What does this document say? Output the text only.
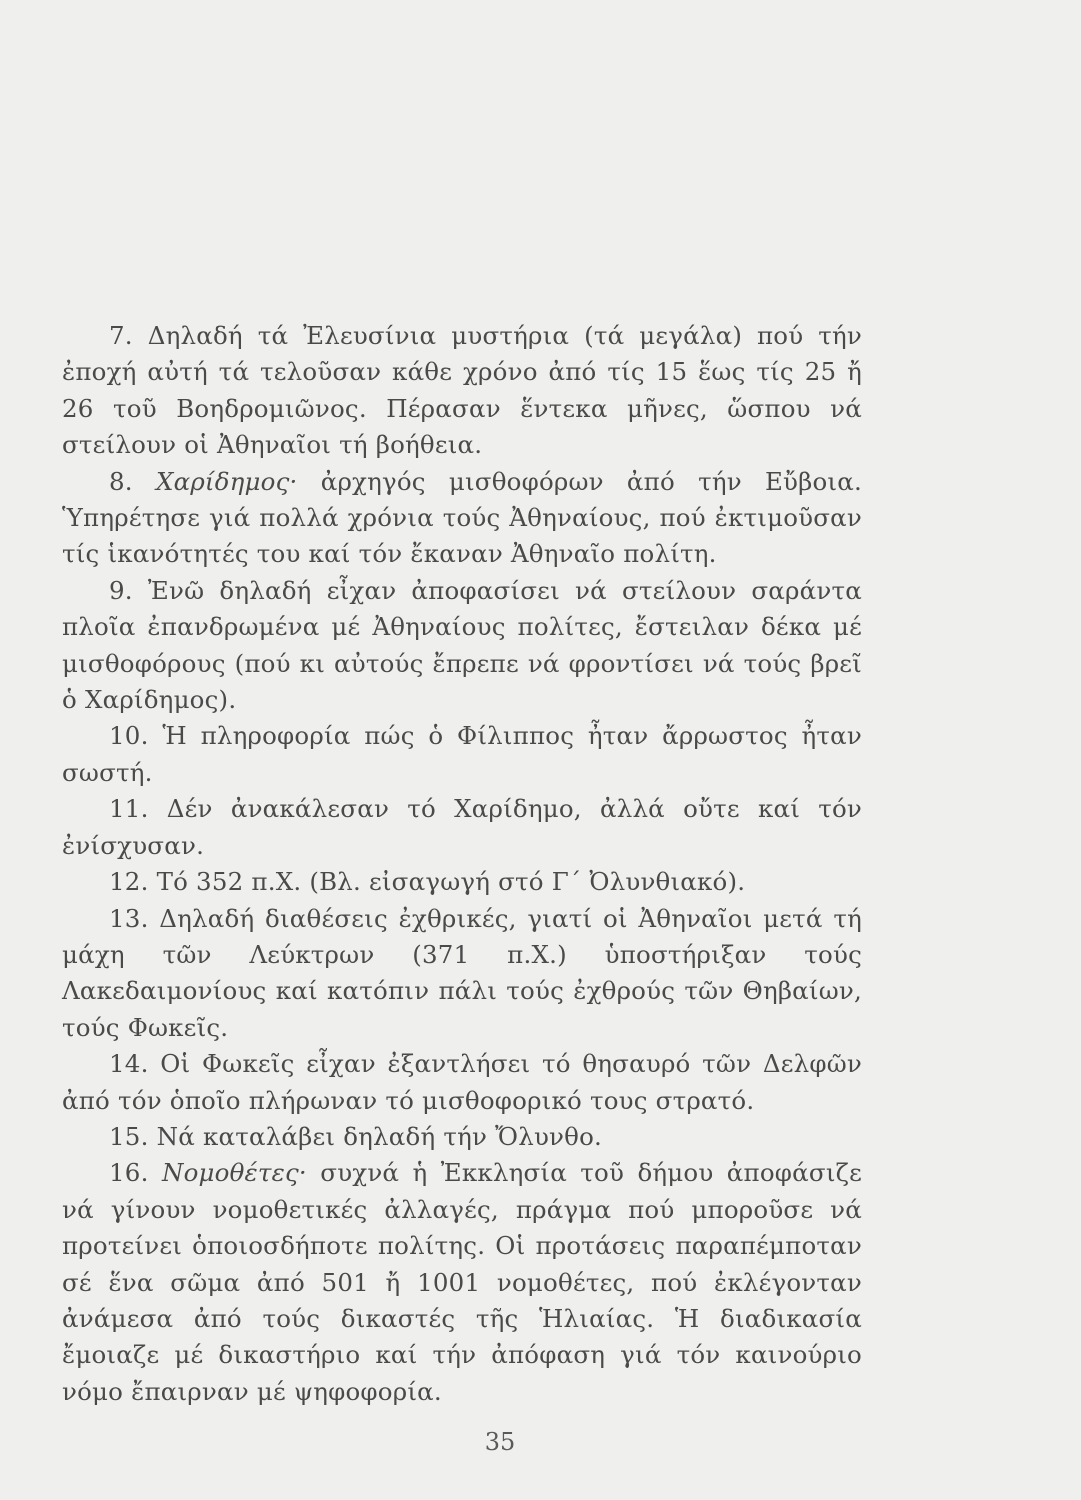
7. Δηλαδή τά Ἐλευσίνια μυστήρια (τά μεγάλα) πού τήν ἐποχή αὐτή τά τελοῦσαν κάθε χρόνο ἀπό τίς 15 ἕως τίς 25 ἤ 26 τοῦ Βοηδρομιῶνος. Πέρασαν ἕντεκα μῆνες, ὥσπου νά στείλουν οἱ Ἀθηναῖοι τή βοήθεια.

8. Χαρίδημος· ἀρχηγός μισθοφόρων ἀπό τήν Εὔβοια. Ὑπηρέτησε γιά πολλά χρόνια τούς Ἀθηναίους, πού ἐκτιμοῦσαν τίς ἱκανότητές του καί τόν ἔκαναν Ἀθηναῖο πολίτη.

9. Ἐνῶ δηλαδή εἶχαν ἀποφασίσει νά στείλουν σαράντα πλοῖα ἐπανδρωμένα μέ Ἀθηναίους πολίτες, ἔστειλαν δέκα μέ μισθοφόρους (πού κι αὐτούς ἔπρεπε νά φροντίσει νά τούς βρεῖ ὁ Χαρίδημος).

10. Ἡ πληροφορία πώς ὁ Φίλιππος ἦταν ἄρρωστος ἦταν σωστή.

11. Δέν ἀνακάλεσαν τό Χαρίδημο, ἀλλά οὔτε καί τόν ἐνίσχυσαν.

12. Τό 352 π.Χ. (Βλ. εἰσαγωγή στό Γ΄ Ὀλυνθιακό).

13. Δηλαδή διαθέσεις ἐχθρικές, γιατί οἱ Ἀθηναῖοι μετά τή μάχη τῶν Λεύκτρων (371 π.Χ.) ὑποστήριξαν τούς Λακεδαιμονίους καί κατόπιν πάλι τούς ἐχθρούς τῶν Θηβαίων, τούς Φωκεῖς.

14. Οἱ Φωκεῖς εἶχαν ἐξαντλήσει τό θησαυρό τῶν Δελφῶν ἀπό τόν ὁποῖο πλήρωναν τό μισθοφορικό τους στρατό.

15. Νά καταλάβει δηλαδή τήν Ὄλυνθο.

16. Νομοθέτες· συχνά ἡ Ἐκκλησία τοῦ δήμου ἀποφάσιζε νά γίνουν νομοθετικές ἀλλαγές, πράγμα πού μποροῦσε νά προτείνει ὁποιοσδήποτε πολίτης. Οἱ προτάσεις παραπέμποταν σέ ἕνα σῶμα ἀπό 501 ἤ 1001 νομοθέτες, πού ἐκλέγονταν ἀνάμεσα ἀπό τούς δικαστές τῆς Ἡλιαίας. Ἡ διαδικασία ἔμοιαζε μέ δικαστήριο καί τήν ἀπόφαση γιά τόν καινούριο νόμο ἔπαιρναν μέ ψηφοφορία.

35
